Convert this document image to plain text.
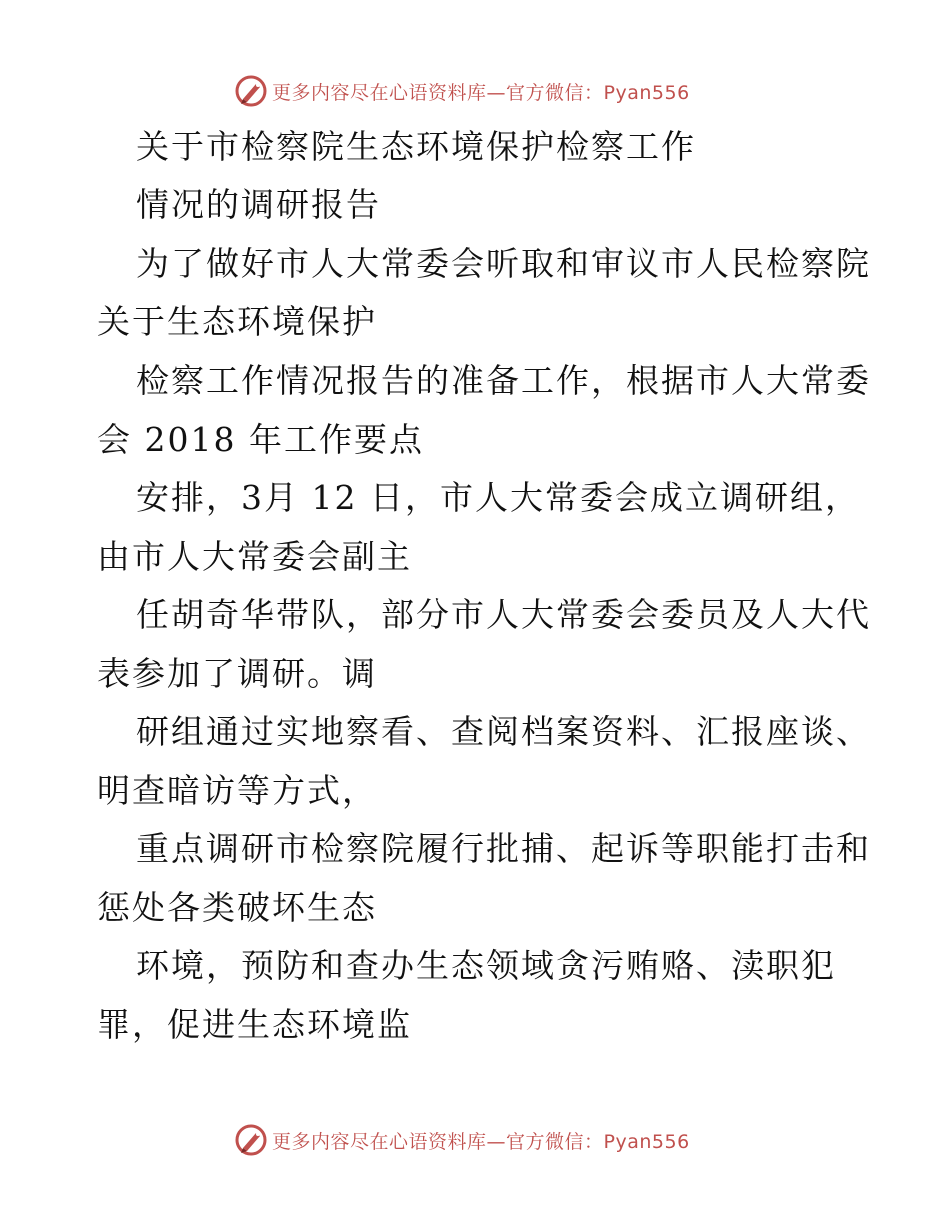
更多内容尽在心语资料库—官方微信：Pyan556
关于市检察院生态环境保护检察工作
情况的调研报告
为了做好市人大常委会听取和审议市人民检察院
关于生态环境保护
检察工作情况报告的准备工作，根据市人大常委
会 2018 年工作要点
安排，3月 12 日，市人大常委会成立调研组，
由市人大常委会副主
任胡奇华带队，部分市人大常委会委员及人大代
表参加了调研。调
研组通过实地察看、查阅档案资料、汇报座谈、
明查暗访等方式，
重点调研市检察院履行批捕、起诉等职能打击和
惩处各类破坏生态
环境，预防和查办生态领域贪污贿赂、渎职犯
罪，促进生态环境监
更多内容尽在心语资料库—官方微信：Pyan556
